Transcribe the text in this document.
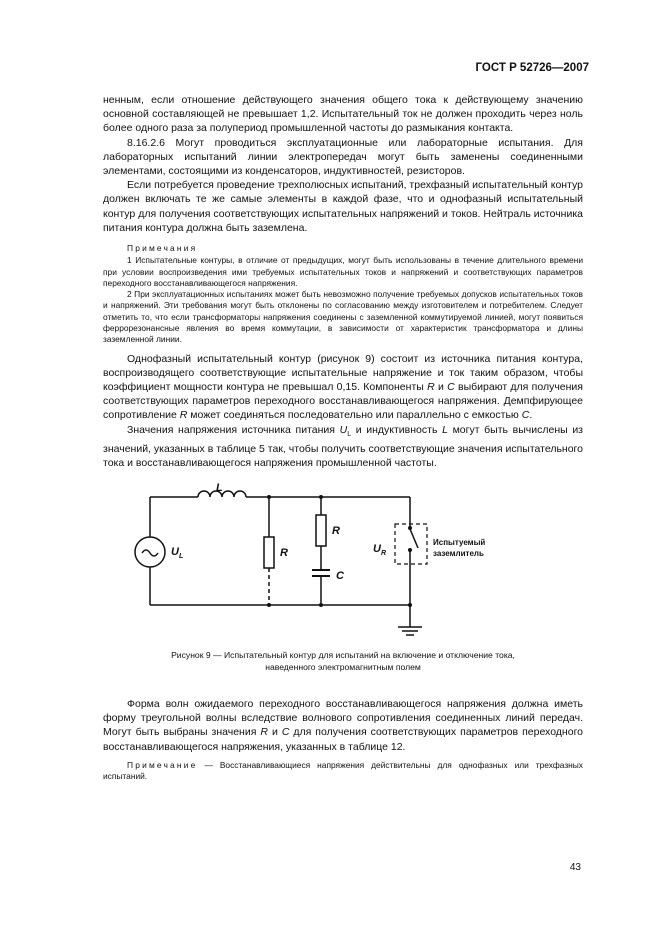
ГОСТ Р 52726—2007

ненным, если отношение действующего значения общего тока к действующему значению основной составляющей не превышает 1,2. Испытательный ток не должен проходить через ноль более одного раза за полупериод промышленной частоты до размыкания контакта.

8.16.2.6 Могут проводиться эксплуатационные или лабораторные испытания. Для лабораторных испытаний линии электропередач могут быть заменены соединенными элементами, состоящими из конденсаторов, индуктивностей, резисторов.

Если потребуется проведение трехполюсных испытаний, трехфазный испытательный контур должен включать те же самые элементы в каждой фазе, что и однофазный испытательный контур для получения соответствующих испытательных напряжений и токов. Нейтраль источника питания контура должна быть заземлена.

Примечания

1 Испытательные контуры, в отличие от предыдущих, могут быть использованы в течение длительного времени при условии воспроизведения ими требуемых испытательных токов и напряжений и соответствующих параметров переходного восстанавливающегося напряжения.

2 При эксплуатационных испытаниях может быть невозможно получение требуемых допусков испытательных токов и напряжений. Эти требования могут быть отклонены по согласованию между изготовителем и потребителем. Следует отметить то, что если трансформаторы напряжения соединены с заземленной коммутируемой линией, могут появиться феррорезонансные явления во время коммутации, в зависимости от характеристик трансформатора и длины заземленной линии.

Однофазный испытательный контур (рисунок 9) состоит из источника питания контура, воспроизводящего соответствующие испытательные напряжение и ток таким образом, чтобы коэффициент мощности контура не превышал 0,15. Компоненты R и C выбирают для получения соответствующих параметров переходного восстанавливающегося напряжения. Демпфирующее сопротивление R может соединяться последовательно или параллельно с емкостью C.

Значения напряжения источника питания $U_L$ и индуктивность L могут быть вычислены из значений, указанных в таблице 5 так, чтобы получить соответствующие значения испытательного тока и восстанавливающегося напряжения промышленной частоты.

L
R
R
C
$U_L$
$U_R$
Испытуемый
заземлитель
Рисунок 9 — Испытательный контур для испытаний на включение и отключение тока,
наведенного электромагнитным полем

Форма волн ожидаемого переходного восстанавливающегося напряжения должна иметь форму треугольной волны вследствие волнового сопротивления соединенных линий передач. Могут быть выбраны значения R и C для получения соответствующих параметров переходного восстанавливающегося напряжения, указанных в таблице 12.

Примечание — Восстанавливающиеся напряжения действительны для однофазных или трехфазных испытаний.

43
